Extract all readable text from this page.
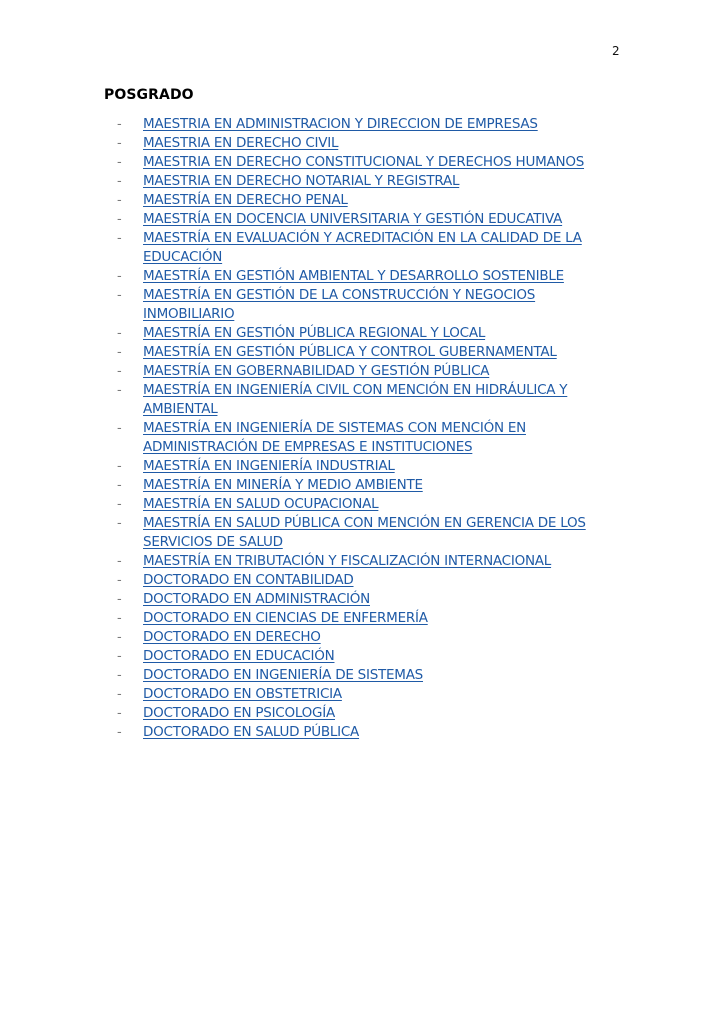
2
POSGRADO
-	MAESTRIA EN ADMINISTRACION Y DIRECCION DE EMPRESAS
-	MAESTRIA EN DERECHO CIVIL
-	MAESTRIA EN DERECHO CONSTITUCIONAL Y DERECHOS HUMANOS
-	MAESTRIA EN DERECHO NOTARIAL Y REGISTRAL
-	MAESTRÍA EN DERECHO PENAL
-	MAESTRÍA EN DOCENCIA UNIVERSITARIA Y GESTIÓN EDUCATIVA
-	MAESTRÍA EN EVALUACIÓN Y ACREDITACIÓN EN LA CALIDAD DE LA EDUCACIÓN
-	MAESTRÍA EN GESTIÓN AMBIENTAL Y DESARROLLO SOSTENIBLE
-	MAESTRÍA EN GESTIÓN DE LA CONSTRUCCIÓN Y NEGOCIOS INMOBILIARIO
-	MAESTRÍA EN GESTIÓN PÚBLICA REGIONAL Y LOCAL
-	MAESTRÍA EN GESTIÓN PÚBLICA Y CONTROL GUBERNAMENTAL
-	MAESTRÍA EN GOBERNABILIDAD Y GESTIÓN PÚBLICA
-	MAESTRÍA EN INGENIERÍA CIVIL CON MENCIÓN EN HIDRÁULICA Y AMBIENTAL
-	MAESTRÍA EN INGENIERÍA DE SISTEMAS CON MENCIÓN EN ADMINISTRACIÓN DE EMPRESAS E INSTITUCIONES
-	MAESTRÍA EN INGENIERÍA INDUSTRIAL
-	MAESTRÍA EN MINERÍA Y MEDIO AMBIENTE
-	MAESTRÍA EN SALUD OCUPACIONAL
-	MAESTRÍA EN SALUD PÚBLICA CON MENCIÓN EN GERENCIA DE LOS SERVICIOS DE SALUD
-	MAESTRÍA EN TRIBUTACIÓN Y FISCALIZACIÓN INTERNACIONAL
-	DOCTORADO EN CONTABILIDAD
-	DOCTORADO EN ADMINISTRACIÓN
-	DOCTORADO EN CIENCIAS DE ENFERMERÍA
-	DOCTORADO EN DERECHO
-	DOCTORADO EN EDUCACIÓN
-	DOCTORADO EN INGENIERÍA DE SISTEMAS
-	DOCTORADO EN OBSTETRICIA
-	DOCTORADO EN PSICOLOGÍA
-	DOCTORADO EN SALUD PÚBLICA
